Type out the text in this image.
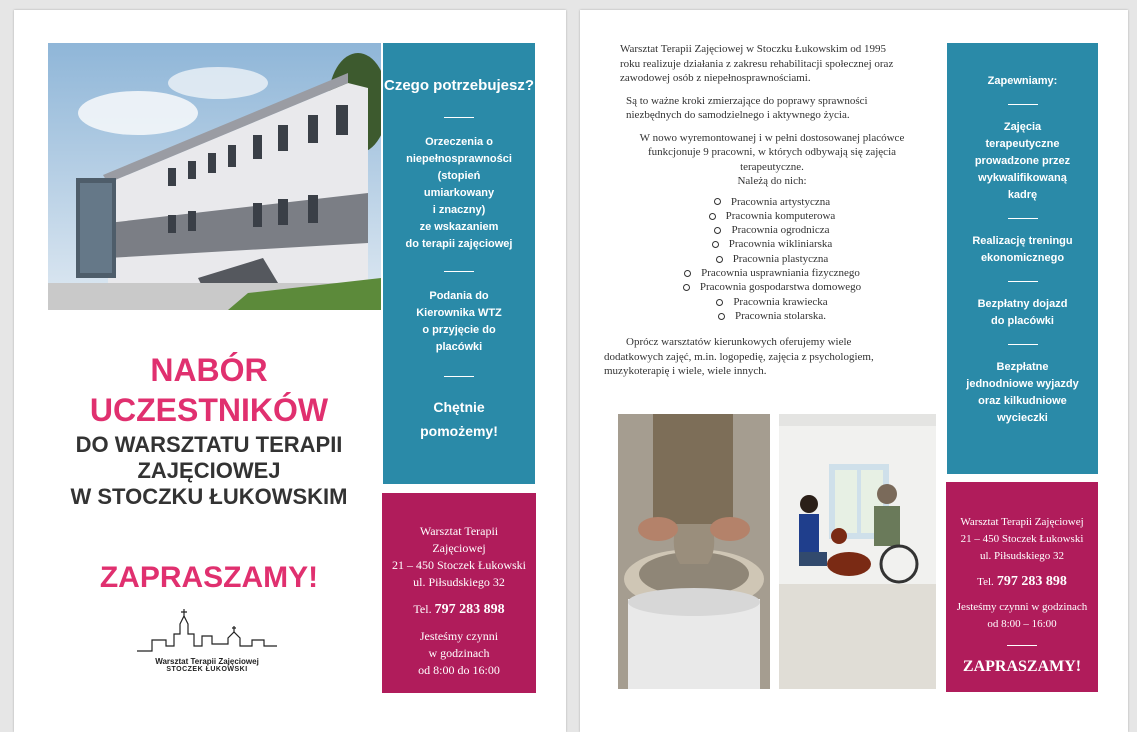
Czego potrzebujesz?
Orzeczenia o
niepełnosprawności
(stopień
umiarkowany
i znaczny)
ze wskazaniem
do terapii zajęciowej
Podania do
Kierownika WTZ
o przyjęcie do
placówki
Chętnie
pomożemy!
NABÓR
UCZESTNIKÓW
DO WARSZTATU TERAPII
ZAJĘCIOWEJ
W STOCZKU ŁUKOWSKIM
ZAPRASZAMY!
Warsztat Terapii Zajęciowej
STOCZEK ŁUKOWSKI
Warsztat Terapii
Zajęciowej
21 – 450 Stoczek Łukowski
ul. Piłsudskiego 32
Tel. 797 283 898
Jesteśmy czynni
w godzinach
od 8:00 do 16:00
Warsztat Terapii Zajęciowej w Stoczku Łukowskim od 1995
roku realizuje działania z zakresu rehabilitacji społecznej oraz
zawodowej osób z niepełnosprawnościami.
Są to ważne kroki zmierzające do poprawy sprawności
niezbędnych do samodzielnego i aktywnego życia.
W nowo wyremontowanej i w pełni dostosowanej placówce
funkcjonuje 9 pracowni, w których odbywają się zajęcia
terapeutyczne.
Należą do nich:
Pracownia artystyczna
Pracownia komputerowa
Pracownia ogrodnicza
Pracownia wikliniarska
Pracownia plastyczna
Pracownia usprawniania fizycznego
Pracownia gospodarstwa domowego
Pracownia krawiecka
Pracownia stolarska.
Oprócz warsztatów kierunkowych oferujemy wiele
dodatkowych zajęć, m.in. logopedię, zajęcia z psychologiem,
muzykoterapię i wiele, wiele innych.
Zapewniamy:
Zajęcia
terapeutyczne
prowadzone przez
wykwalifikowaną
kadrę
Realizację treningu
ekonomicznego
Bezpłatny dojazd
do placówki
Bezpłatne
jednodniowe wyjazdy
oraz kilkudniowe
wycieczki
Warsztat Terapii Zajęciowej
21 – 450 Stoczek Łukowski
ul. Piłsudskiego 32
Tel. 797 283 898
Jesteśmy czynni w godzinach
od 8:00 – 16:00
ZAPRASZAMY!
